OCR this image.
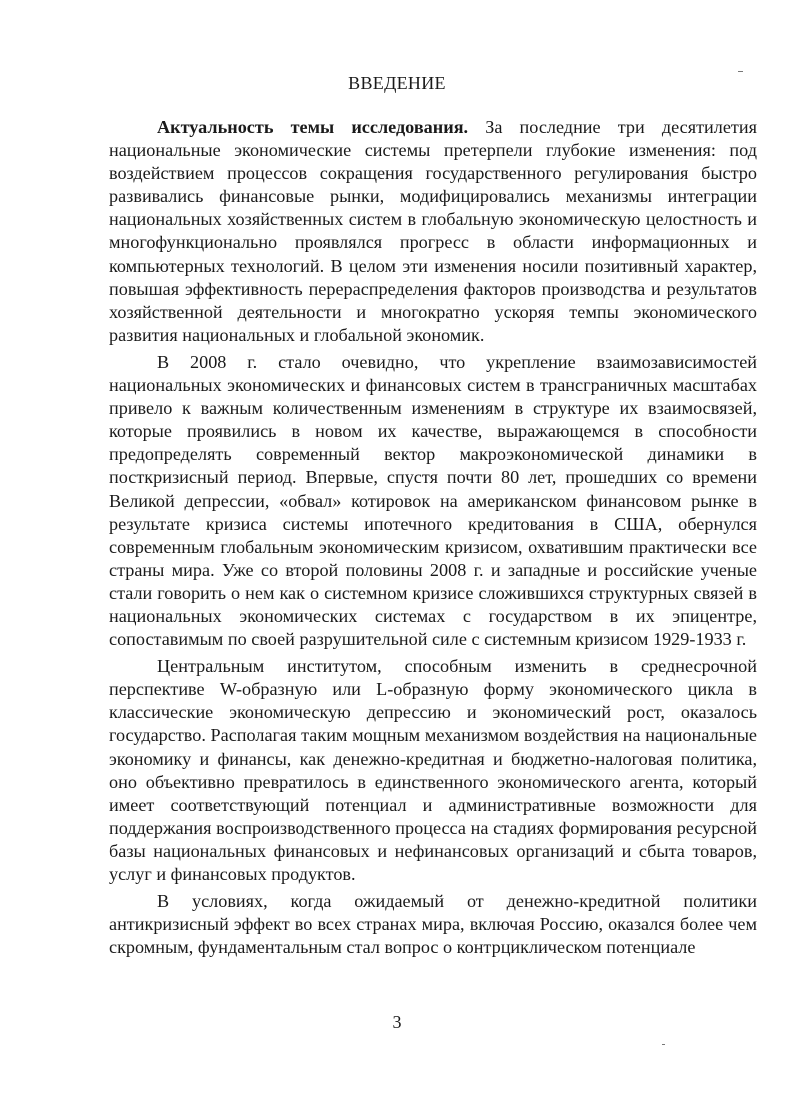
ВВЕДЕНИЕ

Актуальность темы исследования. За последние три десятилетия национальные экономические системы претерпели глубокие изменения: под воздействием процессов сокращения государственного регулирования быстро развивались финансовые рынки, модифицировались механизмы интеграции национальных хозяйственных систем в глобальную экономическую целостность и многофункционально проявлялся прогресс в области информационных и компьютерных технологий. В целом эти изменения носили позитивный характер, повышая эффективность перераспределения факторов производства и результатов хозяйственной деятельности и многократно ускоряя темпы экономического развития национальных и глобальной экономик.

В 2008 г. стало очевидно, что укрепление взаимозависимостей национальных экономических и финансовых систем в трансграничных масштабах привело к важным количественным изменениям в структуре их взаимосвязей, которые проявились в новом их качестве, выражающемся в способности предопределять современный вектор макроэкономической динамики в посткризисный период. Впервые, спустя почти 80 лет, прошедших со времени Великой депрессии, «обвал» котировок на американском финансовом рынке в результате кризиса системы ипотечного кредитования в США, обернулся современным глобальным экономическим кризисом, охватившим практически все страны мира. Уже со второй половины 2008 г. и западные и российские ученые стали говорить о нем как о системном кризисе сложившихся структурных связей в национальных экономических системах с государством в их эпицентре, сопоставимым по своей разрушительной силе с системным кризисом 1929-1933 г.

Центральным институтом, способным изменить в среднесрочной перспективе W-образную или L-образную форму экономического цикла в классические экономическую депрессию и экономический рост, оказалось государство. Располагая таким мощным механизмом воздействия на национальные экономику и финансы, как денежно-кредитная и бюджетно-налоговая политика, оно объективно превратилось в единственного экономического агента, который имеет соответствующий потенциал и административные возможности для поддержания воспроизводственного процесса на стадиях формирования ресурсной базы национальных финансовых и нефинансовых организаций и сбыта товаров, услуг и финансовых продуктов.

В условиях, когда ожидаемый от денежно-кредитной политики антикризисный эффект во всех странах мира, включая Россию, оказался более чем скромным, фундаментальным стал вопрос о контрциклическом потенциале

3
